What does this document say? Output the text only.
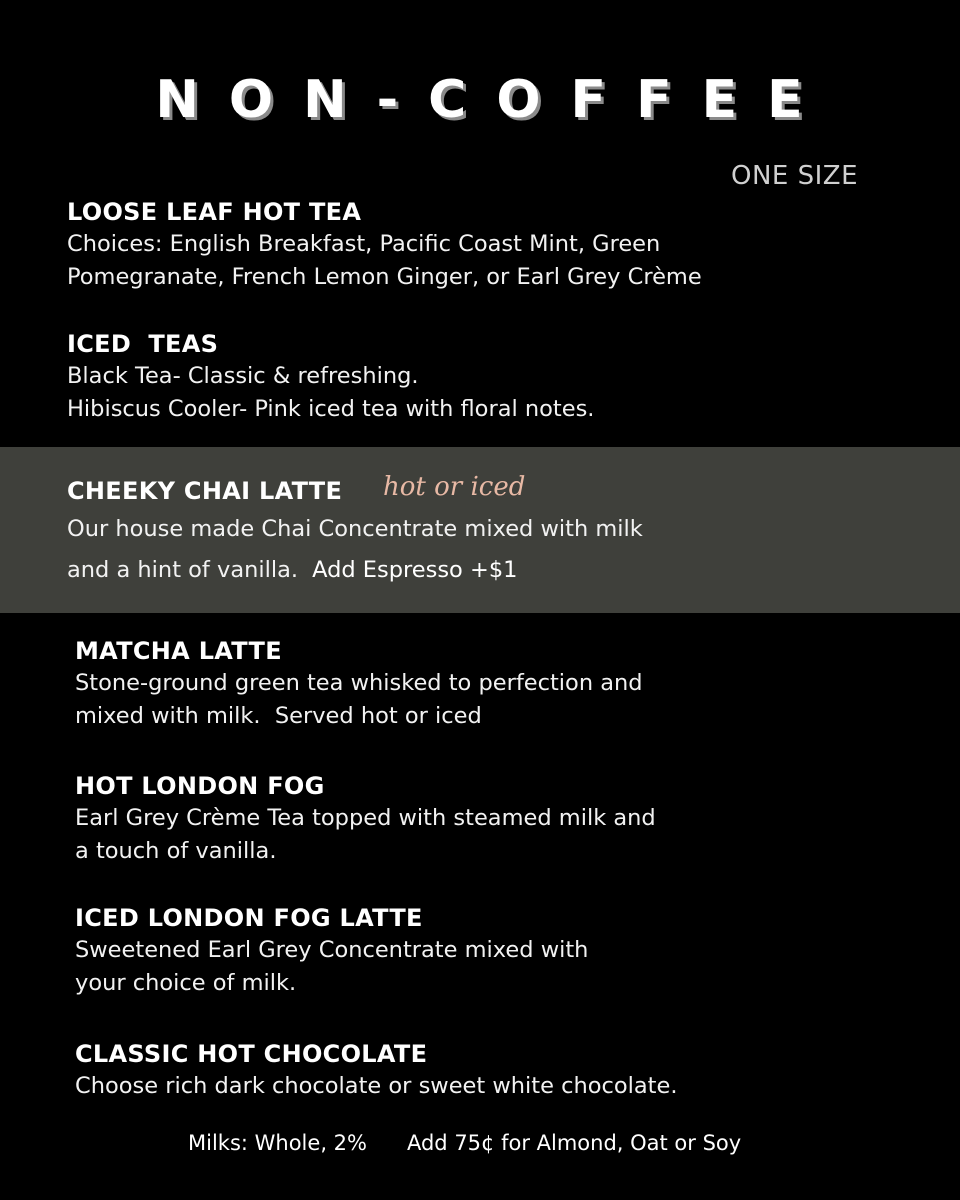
NON-COFFEE
ONE SIZE
LOOSE LEAF HOT TEA
Choices: English Breakfast, Pacific Coast Mint, Green
Pomegranate, French Lemon Ginger, or Earl Grey Crème
ICED  TEAS
Black Tea- Classic & refreshing.
Hibiscus Cooler- Pink iced tea with floral notes.
CHEEKY CHAI LATTE
Our house made Chai Concentrate mixed with milk
and a hint of vanilla. Add Espresso +$1
hot or iced
MATCHA LATTE
Stone-ground green tea whisked to perfection and
mixed with milk.  Served hot or iced
HOT LONDON FOG
Earl Grey Crème Tea topped with steamed milk and
a touch of vanilla.
ICED LONDON FOG LATTE
Sweetened Earl Grey Concentrate mixed with
your choice of milk.
CLASSIC HOT CHOCOLATE
Choose rich dark chocolate or sweet white chocolate.
Milks: Whole, 2% Add 75¢ for Almond, Oat or Soy
